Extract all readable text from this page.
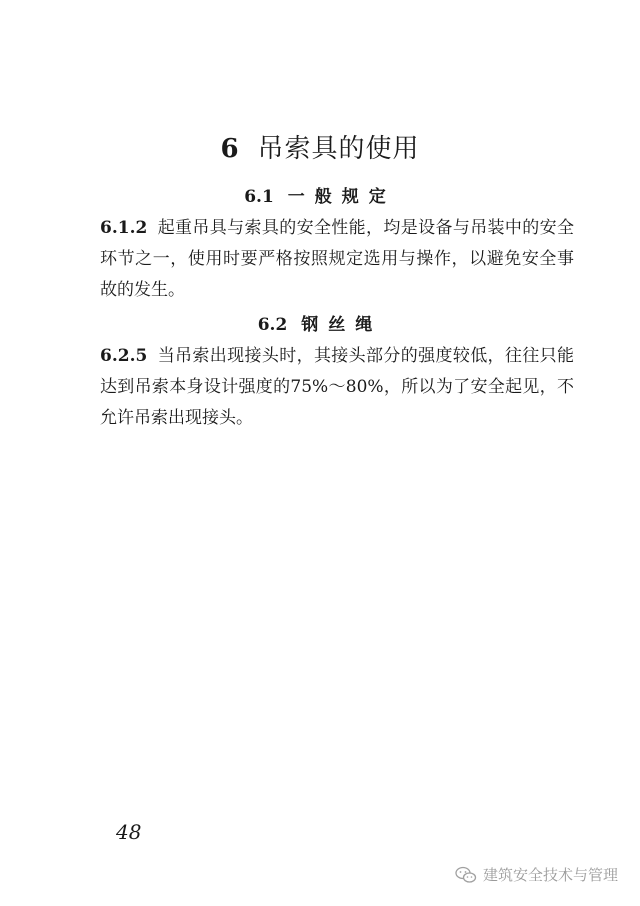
6 吊索具的使用
6.1 一般规定
6.1.2 起重吊具与索具的安全性能，均是设备与吊装中的安全环节之一，使用时要严格按照规定选用与操作，以避免安全事故的发生。
6.2 钢丝绳
6.2.5 当吊索出现接头时，其接头部分的强度较低，往往只能达到吊索本身设计强度的75%～80%，所以为了安全起见，不允许吊索出现接头。
48
建筑安全技术与管理
